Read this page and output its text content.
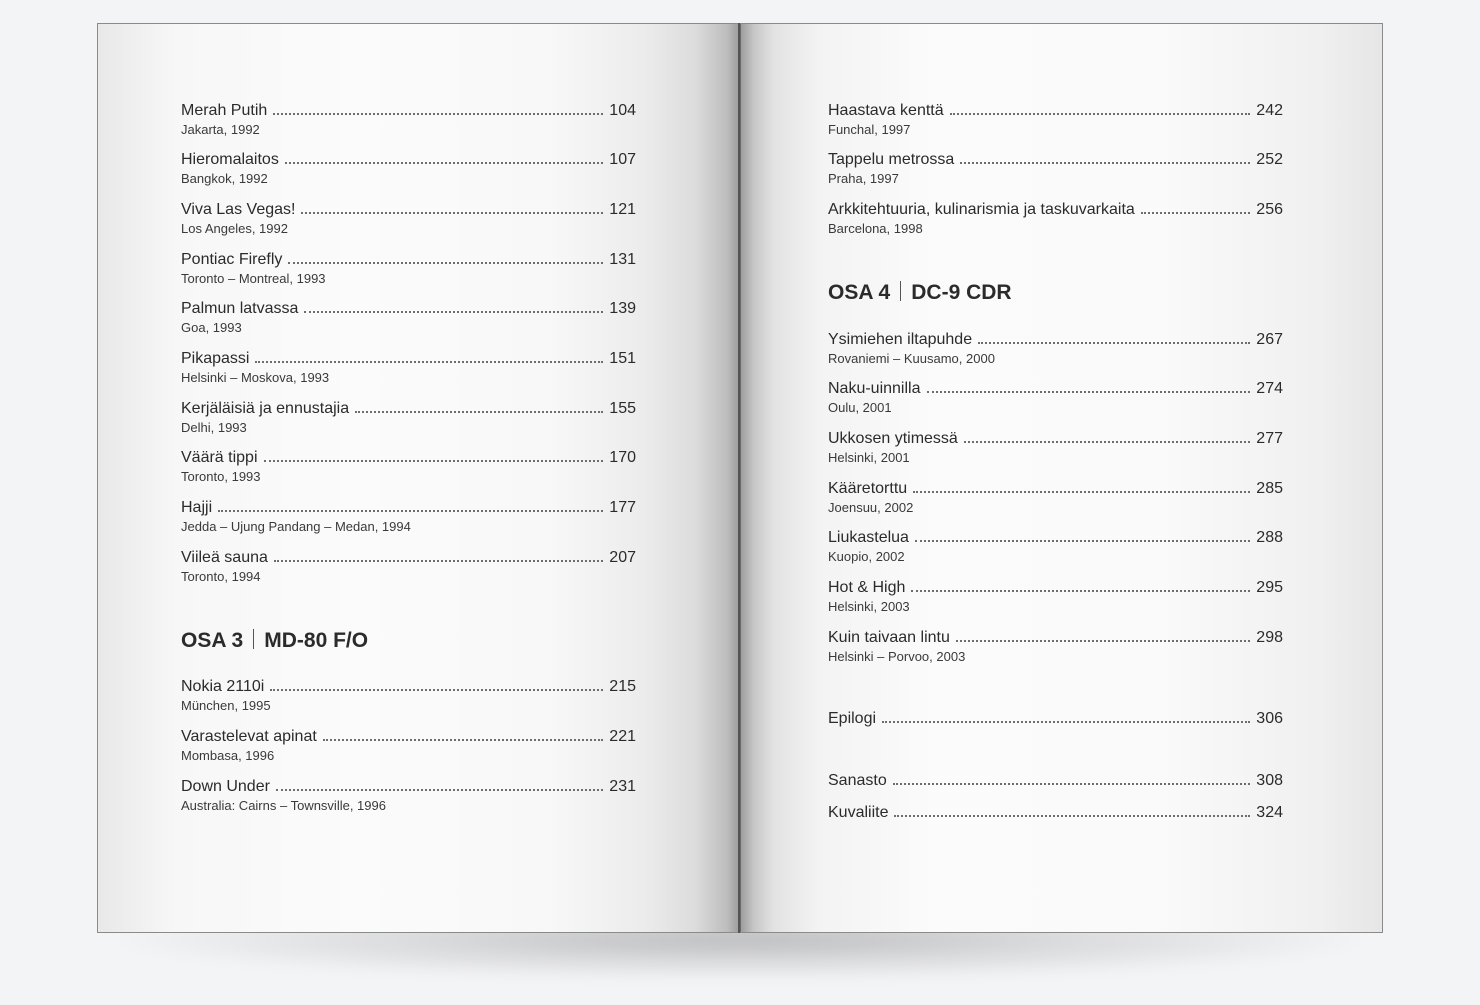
Merah Putih	104
Jakarta, 1992
Hieromalaitos	107
Bangkok, 1992
Viva Las Vegas!	121
Los Angeles, 1992
Pontiac Firefly	131
Toronto – Montreal, 1993
Palmun latvassa	139
Goa, 1993
Pikapassi	151
Helsinki – Moskova, 1993
Kerjäläisiä ja ennustajia	155
Delhi, 1993
Väärä tippi	170
Toronto, 1993
Hajji	177
Jedda – Ujung Pandang – Medan, 1994
Viileä sauna	207
Toronto, 1994
OSA 3 MD-80 F/O
Nokia 2110i	215
München, 1995
Varastelevat apinat	221
Mombasa, 1996
Down Under	231
Australia: Cairns – Townsville, 1996
Haastava kenttä	242
Funchal, 1997
Tappelu metrossa	252
Praha, 1997
Arkkitehtuuria, kulinarismia ja taskuvarkaita	256
Barcelona, 1998
OSA 4 DC-9 CDR
Ysimiehen iltapuhde	267
Rovaniemi – Kuusamo, 2000
Naku-uinnilla	274
Oulu, 2001
Ukkosen ytimessä	277
Helsinki, 2001
Kääretorttu	285
Joensuu, 2002
Liukastelua	288
Kuopio, 2002
Hot & High	295
Helsinki, 2003
Kuin taivaan lintu	298
Helsinki – Porvoo, 2003
Epilogi	306
Sanasto	308
Kuvaliite	324
